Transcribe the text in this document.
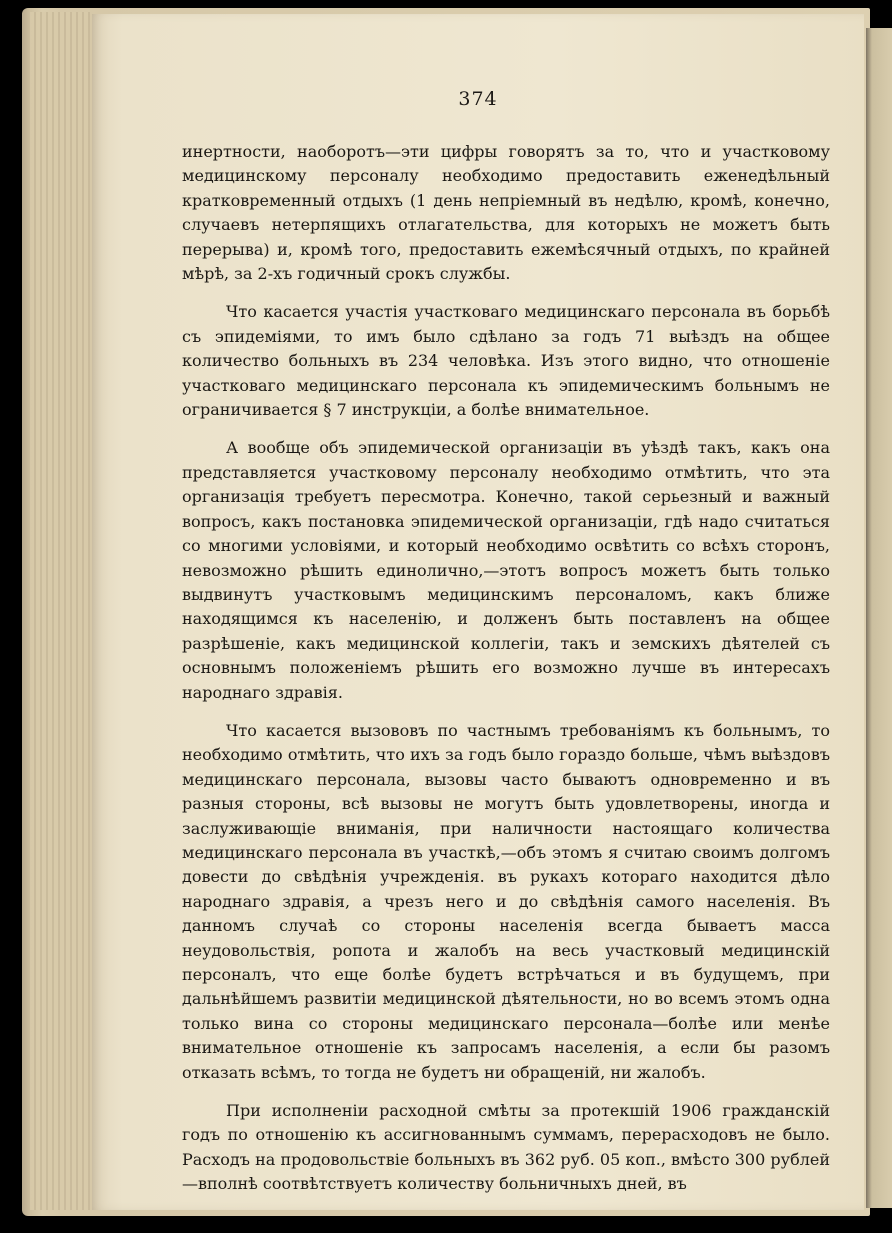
374

инертности, наоборотъ—эти цифры говорятъ за то, что и участковому медицинскому персоналу необходимо предоставить еженедѣльный кратковременный отдыхъ (1 день непріемный въ недѣлю, кромѣ, конечно, случаевъ нетерпящихъ отлагательства, для которыхъ не можетъ быть перерыва) и, кромѣ того, предоставить ежемѣсячный отдыхъ, по крайней мѣрѣ, за 2-хъ годичный срокъ службы.

Что касается участія участковаго медицинскаго персонала въ борьбѣ съ эпидеміями, то имъ было сдѣлано за годъ 71 выѣздъ на общее количество больныхъ въ 234 человѣка. Изъ этого видно, что отношеніе участковаго медицинскаго персонала къ эпидемическимъ больнымъ не ограничивается § 7 инструкціи, а болѣе внимательное.

А вообще объ эпидемической организаціи въ уѣздѣ такъ, какъ она представляется участковому персоналу необходимо отмѣтить, что эта организація требуетъ пересмотра. Конечно, такой серьезный и важный вопросъ, какъ постановка эпидемической организаціи, гдѣ надо считаться со многими условіями, и который необходимо освѣтить со всѣхъ сторонъ, невозможно рѣшить единолично,—этотъ вопросъ можетъ быть только выдвинутъ участковымъ медицинскимъ персоналомъ, какъ ближе находящимся къ населенію, и долженъ быть поставленъ на общее разрѣшеніе, какъ медицинской коллегіи, такъ и земскихъ дѣятелей съ основнымъ положеніемъ рѣшить его возможно лучше въ интересахъ народнаго здравія.

Что касается вызововъ по частнымъ требованіямъ къ больнымъ, то необходимо отмѣтить, что ихъ за годъ было гораздо больше, чѣмъ выѣздовъ медицинскаго персонала, вызовы часто бываютъ одновременно и въ разныя стороны, всѣ вызовы не могутъ быть удовлетворены, иногда и заслуживающіе вниманія, при наличности настоящаго количества медицинскаго персонала въ участкѣ,—объ этомъ я считаю своимъ долгомъ довести до свѣдѣнія учрежденія. въ рукахъ котораго находится дѣло народнаго здравія, а чрезъ него и до свѣдѣнія самого населенія. Въ данномъ случаѣ со стороны населенія всегда бываетъ масса неудовольствія, ропота и жалобъ на весь участковый медицинскій персоналъ, что еще болѣе будетъ встрѣчаться и въ будущемъ, при дальнѣйшемъ развитіи медицинской дѣятельности, но во всемъ этомъ одна только вина со стороны медицинскаго персонала—болѣе или менѣе внимательное отношеніе къ запросамъ населенія, а если бы разомъ отказать всѣмъ, то тогда не будетъ ни обращеній, ни жалобъ.

При исполненіи расходной смѣты за протекшій 1906 гражданскій годъ по отношенію къ ассигнованнымъ суммамъ, перерасходовъ не было. Расходъ на продовольствіе больныхъ въ 362 руб. 05 коп., вмѣсто 300 рублей—вполнѣ соотвѣтствуетъ количеству больничныхъ дней, въ
